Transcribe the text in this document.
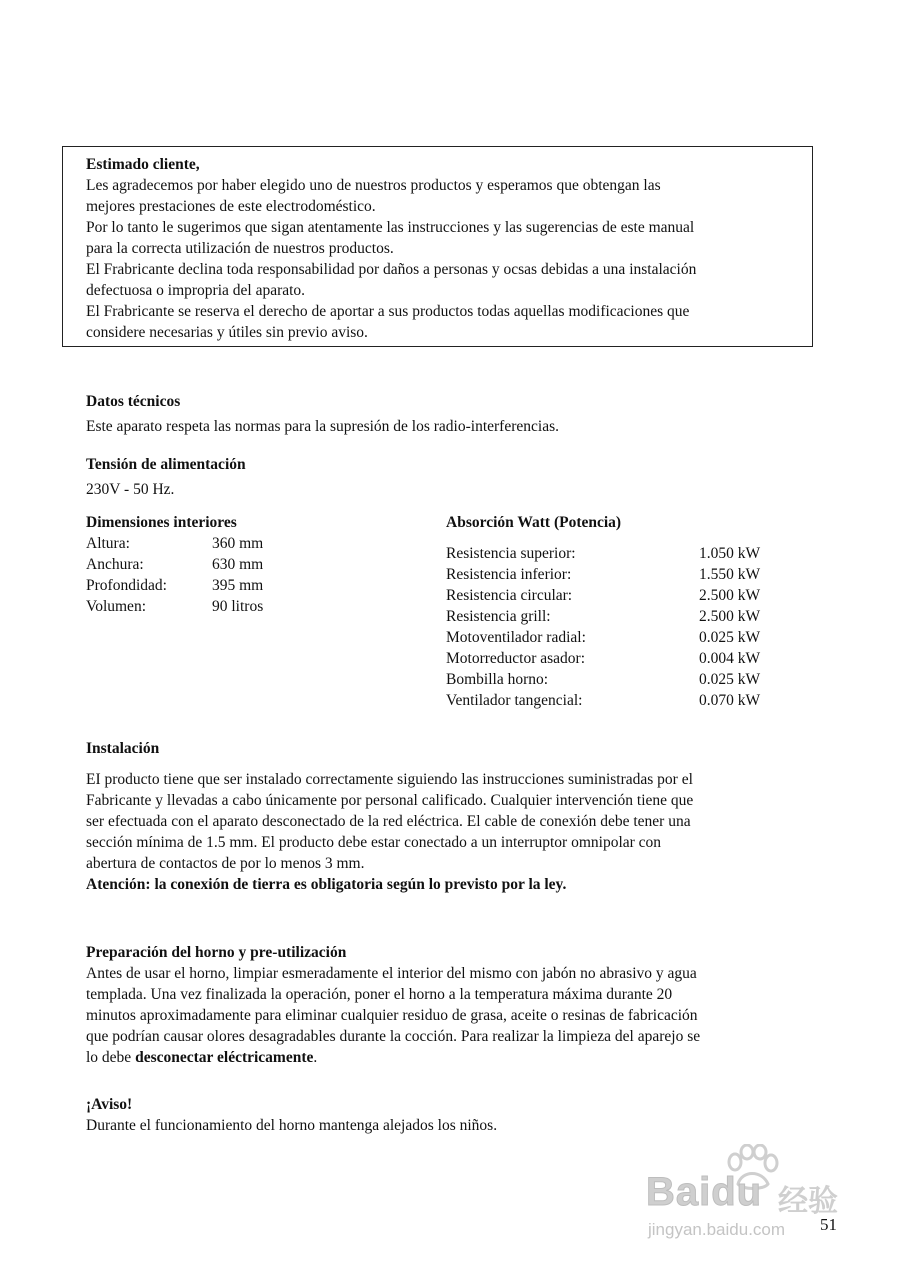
Estimado cliente,
Les agradecemos por haber elegido uno de nuestros productos y esperamos que obtengan las
mejores prestaciones de este electrodoméstico.
Por lo tanto le sugerimos que sigan atentamente las instrucciones y las sugerencias de este manual
para la correcta utilización de nuestros productos.
El Frabricante declina toda responsabilidad por daños a personas y ocsas debidas a una instalación
defectuosa o impropria del aparato.
El Frabricante se reserva el derecho de aportar a sus productos todas aquellas modificaciones que
considere necesarias y útiles sin previo aviso.
Datos técnicos
Este aparato respeta las normas para la supresión de los radio-interferencias.
Tensión de alimentación
230V - 50 Hz.
Dimensiones interiores
Altura:	360 mm
Anchura:	630 mm
Profondidad:	395 mm
Volumen:	90 litros
Absorción Watt (Potencia)
Resistencia superior:	1.050 kW
Resistencia inferior:	1.550 kW
Resistencia circular:	2.500 kW
Resistencia grill:	2.500 kW
Motoventilador radial:	0.025 kW
Motorreductor asador:	0.004 kW
Bombilla horno:	0.025 kW
Ventilador tangencial:	0.070 kW
Instalación
EI producto tiene que ser instalado correctamente siguiendo las instrucciones suministradas por el
Fabricante y llevadas a cabo únicamente por personal calificado. Cualquier intervención tiene que
ser efectuada con el aparato desconectado de la red eléctrica. El cable de conexión debe tener una
sección mínima de 1.5 mm. El producto debe estar conectado a un interruptor omnipolar con
abertura de contactos de por lo menos 3 mm.
Atención: la conexión de tierra es obligatoria según lo previsto por la ley.
Preparación del horno y pre-utilización
Antes de usar el horno, limpiar esmeradamente el interior del mismo con jabón no abrasivo y agua
templada. Una vez finalizada la operación, poner el horno a la temperatura máxima durante 20
minutos aproximadamente para eliminar cualquier residuo de grasa, aceite o resinas de fabricación
que podrían causar olores desagradables durante la cocción. Para realizar la limpieza del aparejo se
lo debe desconectar eléctricamente.
¡Aviso!
Durante el funcionamiento del horno mantenga alejados los niños.
Baidu 经验
jingyan.baidu.com 51
